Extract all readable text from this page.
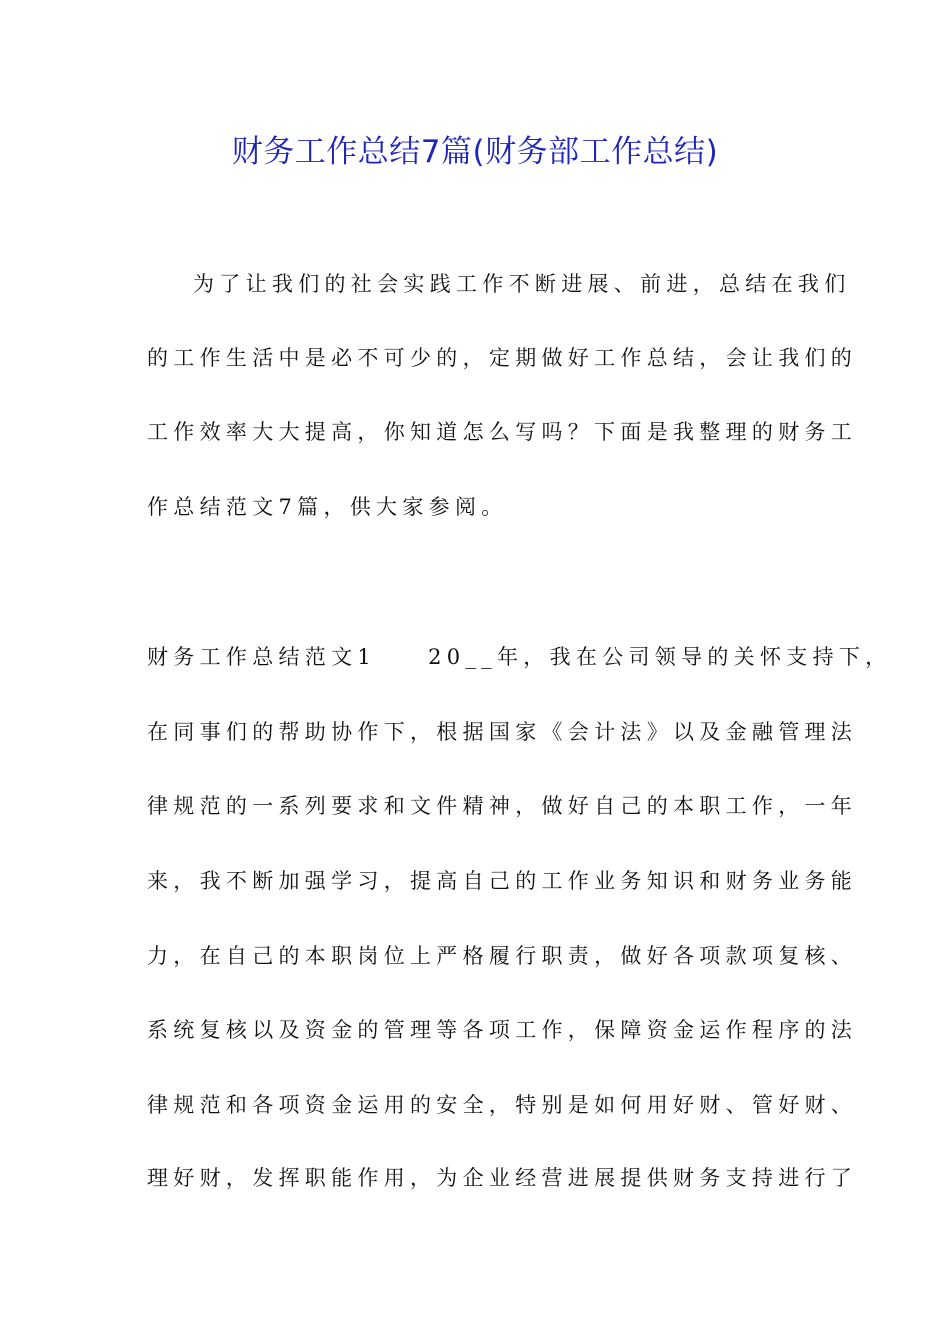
财务工作总结7篇(财务部工作总结)
为了让我们的社会实践工作不断进展、前进，总结在我们
的工作生活中是必不可少的，定期做好工作总结，会让我们的
工作效率大大提高，你知道怎么写吗？下面是我整理的财务工
作总结范文7篇，供大家参阅。
财务工作总结范文1 20__年，我在公司领导的关怀支持下，
在同事们的帮助协作下，根据国家《会计法》以及金融管理法
律规范的一系列要求和文件精神，做好自己的本职工作，一年
来，我不断加强学习，提高自己的工作业务知识和财务业务能
力，在自己的本职岗位上严格履行职责，做好各项款项复核、
系统复核以及资金的管理等各项工作，保障资金运作程序的法
律规范和各项资金运用的安全，特别是如何用好财、管好财、
理好财，发挥职能作用，为企业经营进展提供财务支持进行了
